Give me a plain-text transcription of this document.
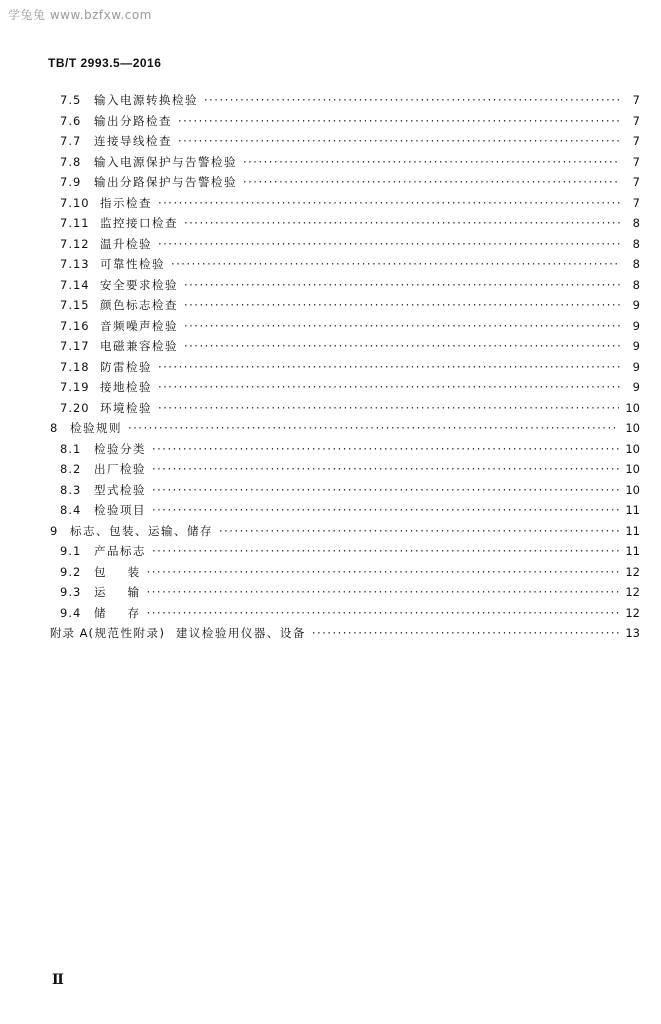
学兔兔 www.bzfxw.com
TB/T 2993.5—2016
7.5	输入电源转换检验 ·····	7
7.6	输出分路检查 ·····	7
7.7	连接导线检查 ·····	7
7.8	输入电源保护与告警检验 ·····	7
7.9	输出分路保护与告警检验 ·····	7
7.10 指示检查 ·····	7
7.11 监控接口检查 ·····	8
7.12 温升检验 ·····	8
7.13 可靠性检验 ·····	8
7.14 安全要求检验 ·····	8
7.15 颜色标志检查 ·····	9
7.16 音频噪声检验 ·····	9
7.17 电磁兼容检验 ·····	9
7.18 防雷检验 ·····	9
7.19 接地检验 ·····	9
7.20 环境检验 ·····	10
8	检验规则 ·····	10
8.1	检验分类 ·····	10
8.2	出厂检验 ·····	10
8.3	型式检验 ·····	10
8.4	检验项目 ·····	11
9	标志、包装、运输、储存 ·····	11
9.1	产品标志 ·····	11
9.2	包    装 ·····	12
9.3	运    输 ·····	12
9.4	储    存 ·····	12
附录 A (规范性附录)  建议检验用仪器、设备 ·····	13
Ⅱ
